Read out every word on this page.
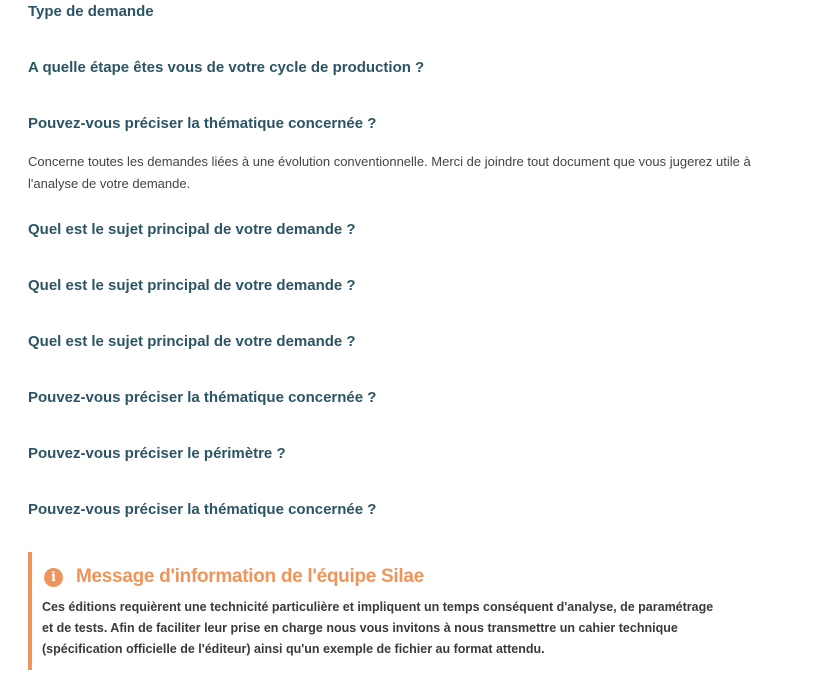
Type de demande
A quelle étape êtes vous de votre cycle de production ?
Pouvez-vous préciser la thématique concernée ?

Concerne toutes les demandes liées à une évolution conventionnelle. Merci de joindre tout document que vous jugerez utile à l'analyse de votre demande.

Quel est le sujet principal de votre demande ?
Quel est le sujet principal de votre demande ?
Quel est le sujet principal de votre demande ?
Pouvez-vous préciser la thématique concernée ?
Pouvez-vous préciser le périmètre ?
Pouvez-vous préciser la thématique concernée ?
i	Message d'information de l'équipe Silae

Ces éditions requièrent une technicité particulière et impliquent un temps conséquent d'analyse, de paramétrage et de tests. Afin de faciliter leur prise en charge nous vous invitons à nous transmettre un cahier technique (spécification officielle de l'éditeur) ainsi qu'un exemple de fichier au format attendu.
